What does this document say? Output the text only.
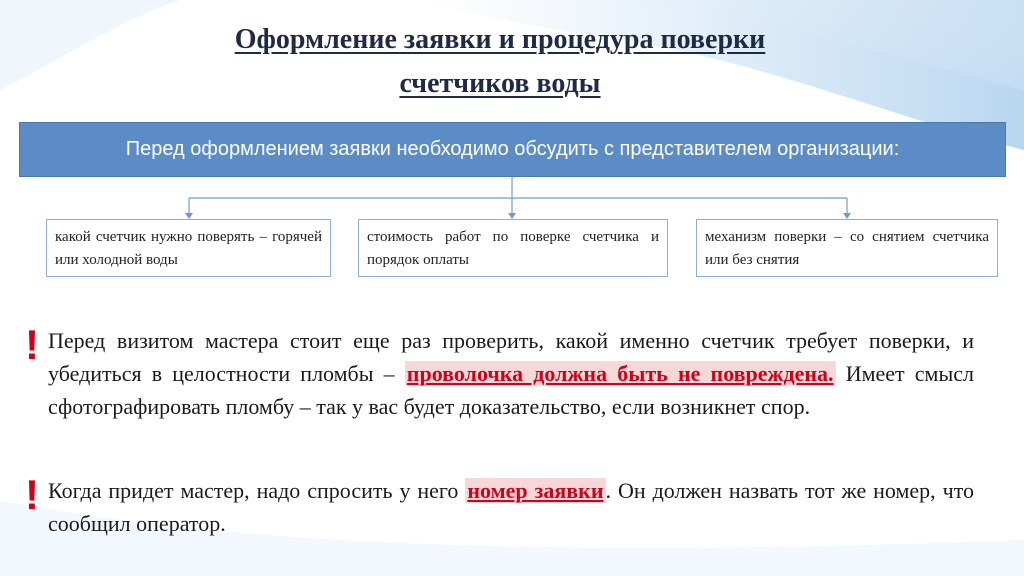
Оформление заявки и процедура поверки
счетчиков воды
Перед оформлением заявки необходимо обсудить с представителем организации:
какой счетчик нужно поверять – горячей или холодной воды
стоимость работ по поверке счетчика и порядок оплаты
механизм поверки – со снятием счетчика или без снятия
! Перед визитом мастера стоит еще раз проверить, какой именно счетчик требует поверки, и убедиться в целостности пломбы – проволочка должна быть не повреждена. Имеет смысл сфотографировать пломбу – так у вас будет доказательство, если возникнет спор.
! Когда придет мастер, надо спросить у него номер заявки. Он должен назвать тот же номер, что сообщил оператор.
